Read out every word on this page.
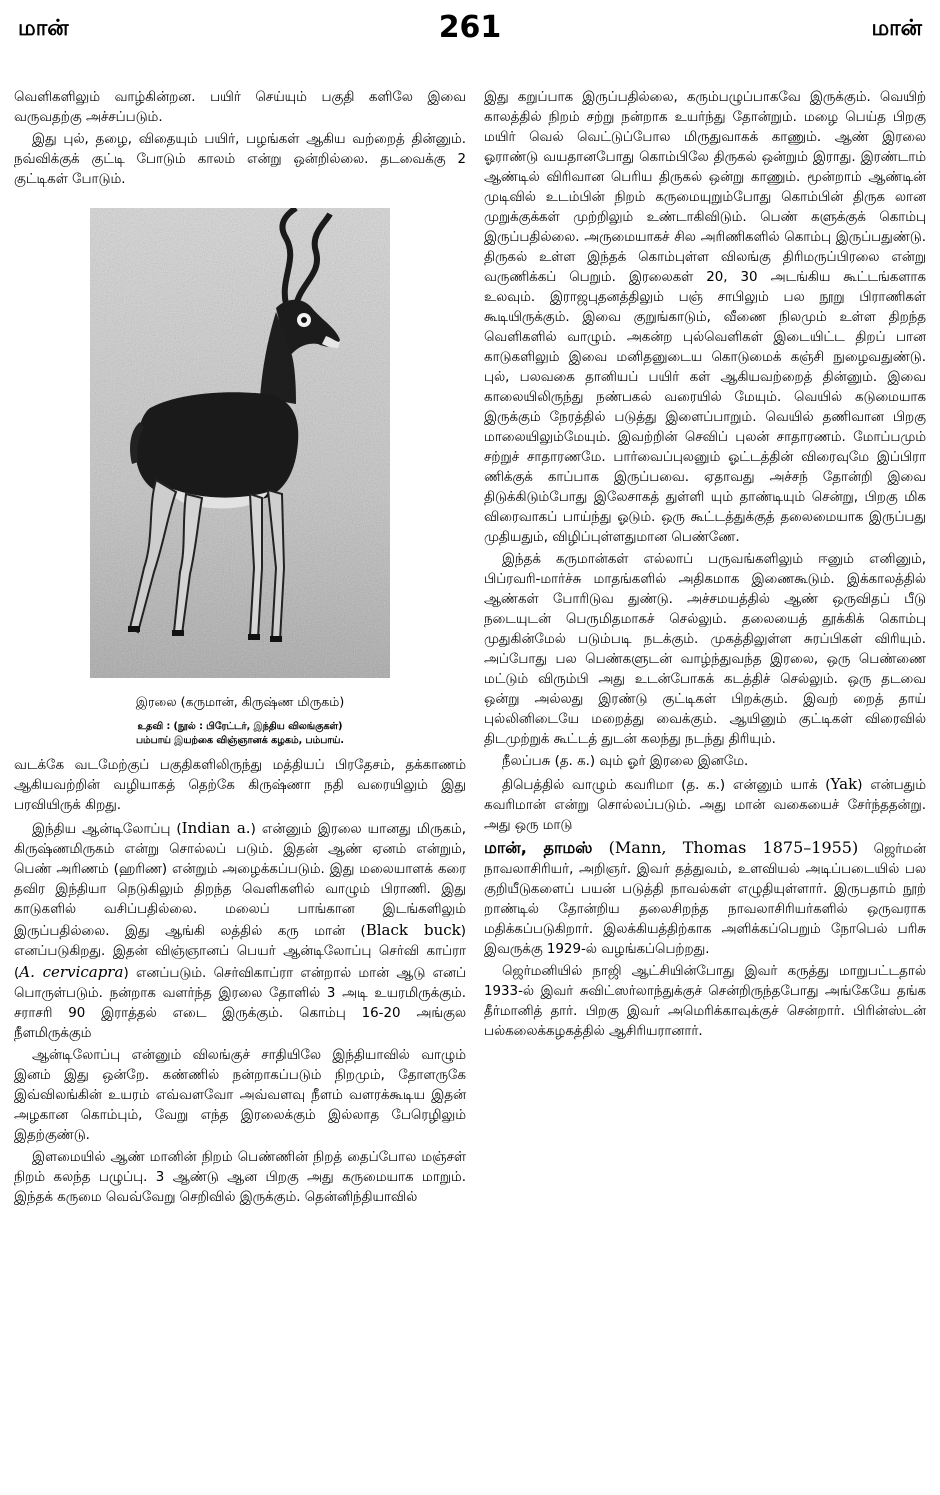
மான்	261	மான்

வெளிகளிலும் வாழ்கின்றன. பயிர் செய்யும் பகுதி களிலே இவை வருவதற்கு அச்சப்படும்.

இது புல், தழை, விதையும் பயிர், பழங்கள் ஆகிய வற்றைத் தின்னும். நவ்விக்குக் குட்டி போடும் காலம் என்று ஒன்றில்லை. தடவைக்கு 2 குட்டிகள் போடும்.

இரலை (கருமான், கிருஷ்ண மிருகம்)
உதவி : (நூல் : பிரேட்டர், இந்திய விலங்குகள்)
பம்பாய் இயற்கை விஞ்ஞானக் கழகம், பம்பாய்.

வடக்கே வடமேற்குப் பகுதிகளிலிருந்து மத்தியப் பிரதேசம், தக்காணம் ஆகியவற்றின் வழியாகத் தெற்கே கிருஷ்ணா நதி வரையிலும் இது பரவியிருக் கிறது.

இந்திய ஆன்டிலோப்பு (Indian a.) என்னும் இரலை யானது மிருகம், கிருஷ்ணமிருகம் என்று சொல்லப் படும். இதன் ஆண் ஏனம் என்றும், பெண் அரிணம் (ஹரிண) என்றும் அழைக்கப்படும். இது மலையாளக் கரை தவிர இந்தியா நெடுகிலும் திறந்த வெளிகளில் வாழும் பிராணி. இது காடுகளில் வசிப்பதில்லை. மலைப் பாங்கான இடங்களிலும் இருப்பதில்லை. இது ஆங்கி லத்தில் கரு மான் (Black buck) எனப்படுகிறது. இதன் விஞ்ஞானப் பெயர் ஆன்டிலோப்பு செர்வி காப்ரா (A. cervicapra) எனப்படும். செர்விகாப்ரா என்றால் மான் ஆடு எனப் பொருள்படும். நன்றாக வளர்ந்த இரலை தோளில் 3 அடி உயரமிருக்கும். சராசரி 90 இராத்தல் எடை இருக்கும். கொம்பு 16-20 அங்குல நீளமிருக்கும்

ஆன்டிலோப்பு என்னும் விலங்குச் சாதியிலே இந்தியாவில் வாழும் இனம் இது ஒன்றே. கண்ணில் நன்றாகப்படும் நிறமும், தோளருகே இவ்விலங்கின் உயரம் எவ்வளவோ அவ்வளவு நீளம் வளரக்கூடிய இதன் அழகான கொம்பும், வேறு எந்த இரலைக்கும் இல்லாத பேரெழிலும் இதற்குண்டு.

இளமையில் ஆண் மானின் நிறம் பெண்ணின் நிறத் தைப்போல மஞ்சள் நிறம் கலந்த பழுப்பு. 3 ஆண்டு ஆன பிறகு அது கருமையாக மாறும். இந்தக் கருமை வெவ்வேறு செறிவில் இருக்கும். தென்னிந்தியாவில்

இது கறுப்பாக இருப்பதில்லை, கரும்பழுப்பாகவே இருக்கும். வெயிற் காலத்தில் நிறம் சற்று நன்றாக உயர்ந்து தோன்றும். மழை பெய்த பிறகு மயிர் வெல் வெட்டுப்போல மிருதுவாகக் காணும். ஆண் இரலை ஓராண்டு வயதானபோது கொம்பிலே திருகல் ஒன்றும் இராது. இரண்டாம் ஆண்டில் விரிவான பெரிய திருகல் ஒன்று காணும். மூன்றாம் ஆண்டின் முடிவில் உடம்பின் நிறம் கருமையுறும்போது கொம்பின் திருக லான முறுக்குக்கள் முற்றிலும் உண்டாகிவிடும். பெண் களுக்குக் கொம்பு இருப்பதில்லை. அருமையாகச் சில அரிணிகளில் கொம்பு இருப்பதுண்டு. திருகல் உள்ள இந்தக் கொம்புள்ள விலங்கு திரிமருப்பிரலை என்று வருணிக்கப் பெறும். இரலைகள் 20, 30 அடங்கிய கூட்டங்களாக உலவும். இராஜபுதனத்திலும் பஞ் சாபிலும் பல நூறு பிராணிகள் கூடியிருக்கும். இவை குறுங்காடும், வீணை நிலமும் உள்ள திறந்த வெளிகளில் வாழும். அகன்ற புல்வெளிகள் இடையிட்ட திறப் பான காடுகளிலும் இவை மனிதனுடைய கொடுமைக் கஞ்சி நுழைவதுண்டு. புல், பலவகை தானியப் பயிர் கள் ஆகியவற்றைத் தின்னும். இவை காலையிலிருந்து நண்பகல் வரையில் மேயும். வெயில் கடுமையாக இருக்கும் நேரத்தில் படுத்து இளைப்பாறும். வெயில் தணிவான பிறகு மாலையிலும்மேயும். இவற்றின் செவிப் புலன் சாதாரணம். மோப்பமும் சற்றுச் சாதாரணமே. பார்வைப்புலனும் ஓட்டத்தின் விரைவுமே இப்பிரா ணிக்குக் காப்பாக இருப்பவை. ஏதாவது அச்சந் தோன்றி இவை திடுக்கிடும்போது இலேசாகத் துள்ளி யும் தாண்டியும் சென்று, பிறகு மிக விரைவாகப் பாய்ந்து ஓடும். ஒரு கூட்டத்துக்குத் தலைமையாக இருப்பது முதியதும், விழிப்புள்ளதுமான பெண்ணே.

இந்தக் கருமான்கள் எல்லாப் பருவங்களிலும் ஈனும் எனினும், பிப்ரவரி-மார்ச்சு மாதங்களில் அதிகமாக இணைகூடும். இக்காலத்தில் ஆண்கள் போரிடுவ துண்டு. அச்சமயத்தில் ஆண் ஒருவிதப் பீடு நடையுடன் பெருமிதமாகச் செல்லும். தலையைத் தூக்கிக் கொம்பு முதுகின்மேல் படும்படி நடக்கும். முகத்திலுள்ள சுரப்பிகள் விரியும். அப்போது பல பெண்களுடன் வாழ்ந்துவந்த இரலை, ஒரு பெண்ணை மட்டும் விரும்பி அது உடன்போகக் கடத்திச் செல்லும். ஒரு தடவை ஒன்று அல்லது இரண்டு குட்டிகள் பிறக்கும். இவற் றைத் தாய் புல்லினிடையே மறைத்து வைக்கும். ஆயினும் குட்டிகள் விரைவில் திடமுற்றுக் கூட்டத் துடன் கலந்து நடந்து திரியும்.

நீலப்பசு (த. க.) வும் ஓர் இரலை இனமே.

திபெத்தில் வாழும் கவரிமா (த. க.) என்னும் யாக் (Yak) என்பதும் கவரிமான் என்று சொல்லப்படும். அது மான் வகையைச் சேர்ந்ததன்று. அது ஒரு மாடு

மான், தாமஸ் (Mann, Thomas 1875–1955) ஜெர்மன் நாவலாசிரியர், அறிஞர். இவர் தத்துவம், உளவியல் அடிப்படையில் பல குறியீடுகளைப் பயன் படுத்தி நாவல்கள் எழுதியுள்ளார். இருபதாம் நூற் றாண்டில் தோன்றிய தலைசிறந்த நாவலாசிரியர்களில் ஒருவராக மதிக்கப்படுகிறார். இலக்கியத்திற்காக அளிக்கப்பெறும் நோபெல் பரிசு இவருக்கு 1929-ல் வழங்கப்பெற்றது.

ஜெர்மனியில் நாஜி ஆட்சியின்போது இவர் கருத்து மாறுபட்டதால் 1933-ல் இவர் சுவிட்ஸர்லாந்துக்குச் சென்றிருந்தபோது அங்கேயே தங்க தீர்மானித் தார். பிறகு இவர் அமெரிக்காவுக்குச் சென்றார். பிரின்ஸ்டன் பல்கலைக்கழகத்தில் ஆசிரியரானார்.
